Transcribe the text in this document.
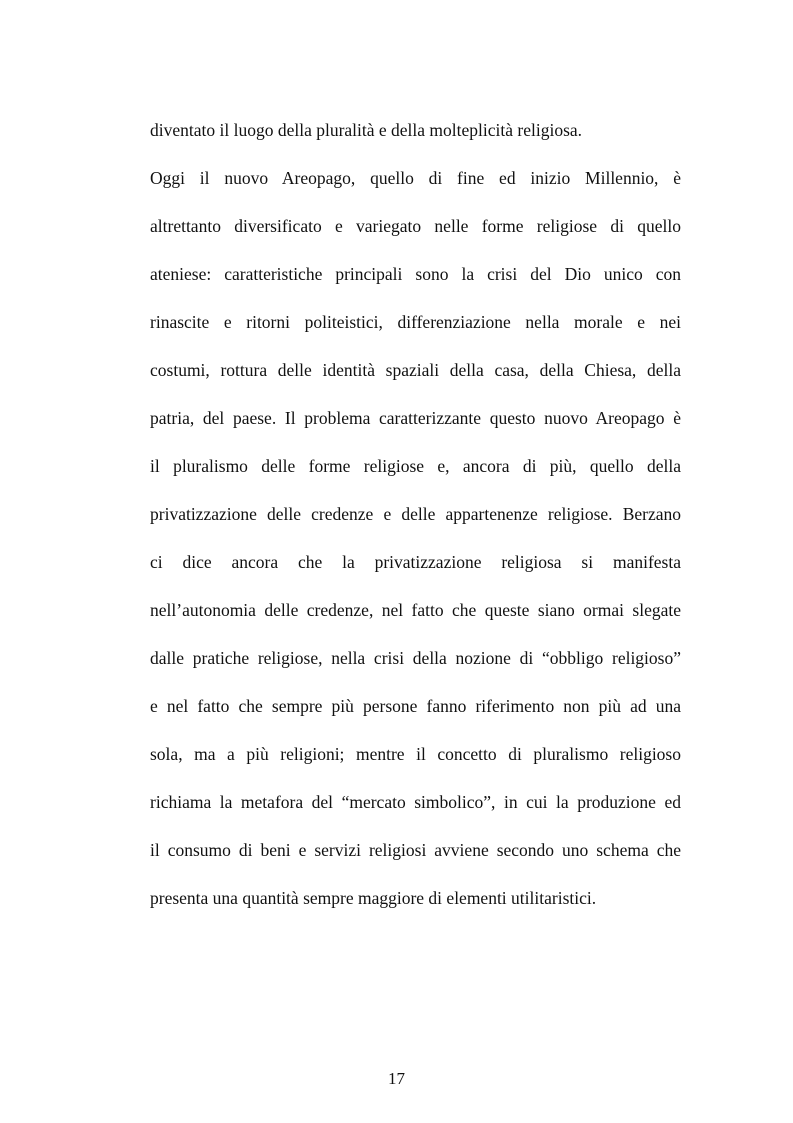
diventato il luogo della pluralità e della molteplicità religiosa.
Oggi il nuovo Areopago, quello di fine ed inizio Millennio, è
altrettanto diversificato e variegato nelle forme religiose di quello
ateniese: caratteristiche principali sono la crisi del Dio unico con
rinascite e ritorni politeistici, differenziazione nella morale e nei
costumi, rottura delle identità spaziali della casa, della Chiesa, della
patria, del paese. Il problema caratterizzante questo nuovo Areopago è
il pluralismo delle forme religiose e, ancora di più, quello della
privatizzazione delle credenze e delle appartenenze religiose. Berzano
ci dice ancora che la privatizzazione religiosa si manifesta
nell’autonomia delle credenze, nel fatto che queste siano ormai slegate
dalle pratiche religiose, nella crisi della nozione di “obbligo religioso”
e nel fatto che sempre più persone fanno riferimento non più ad una
sola, ma a più religioni; mentre il concetto di pluralismo religioso
richiama la metafora del “mercato simbolico”, in cui la produzione ed
il consumo di beni e servizi religiosi avviene secondo uno schema che
presenta una quantità sempre maggiore di elementi utilitaristici.
17
